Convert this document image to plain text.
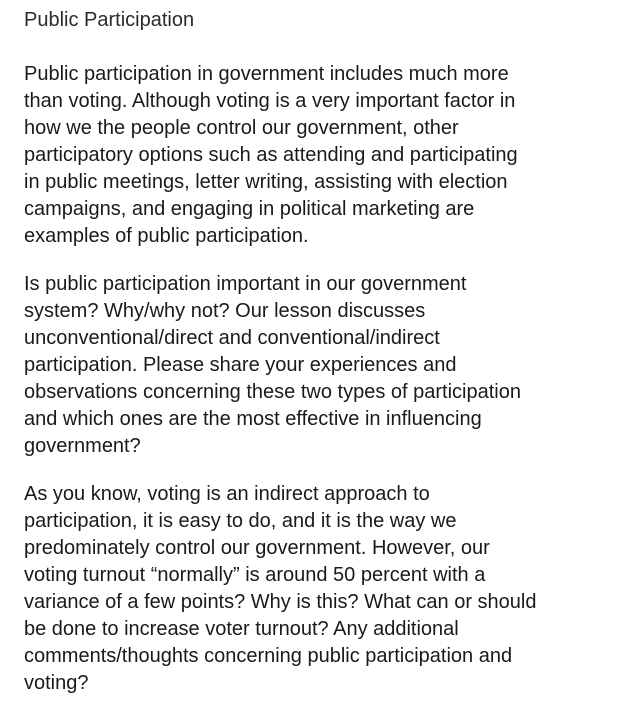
Public Participation

Public participation in government includes much more
than voting. Although voting is a very important factor in
how we the people control our government, other
participatory options such as attending and participating
in public meetings, letter writing, assisting with election
campaigns, and engaging in political marketing are
examples of public participation.

Is public participation important in our government
system? Why/why not? Our lesson discusses
unconventional/direct and conventional/indirect
participation. Please share your experiences and
observations concerning these two types of participation
and which ones are the most effective in influencing
government?

As you know, voting is an indirect approach to
participation, it is easy to do, and it is the way we
predominately control our government. However, our
voting turnout “normally” is around 50 percent with a
variance of a few points? Why is this? What can or should
be done to increase voter turnout? Any additional
comments/thoughts concerning public participation and
voting?
